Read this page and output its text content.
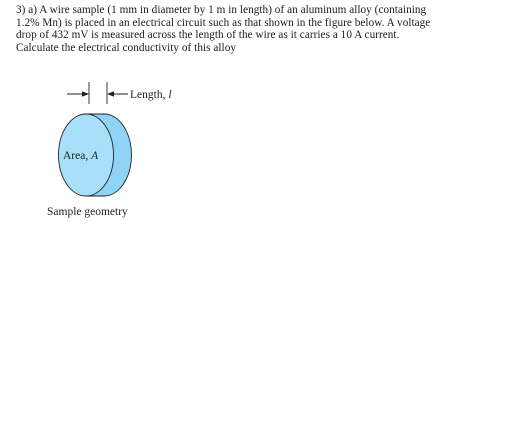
3) a) A wire sample (1 mm in diameter by 1 m in length) of an aluminum alloy (containing

1.2% Mn) is placed in an electrical circuit such as that shown in the figure below. A voltage

drop of 432 mV is measured across the length of the wire as it carries a 10 A current.

Calculate the electrical conductivity of this alloy

Length, l
Area, A
Sample geometry
